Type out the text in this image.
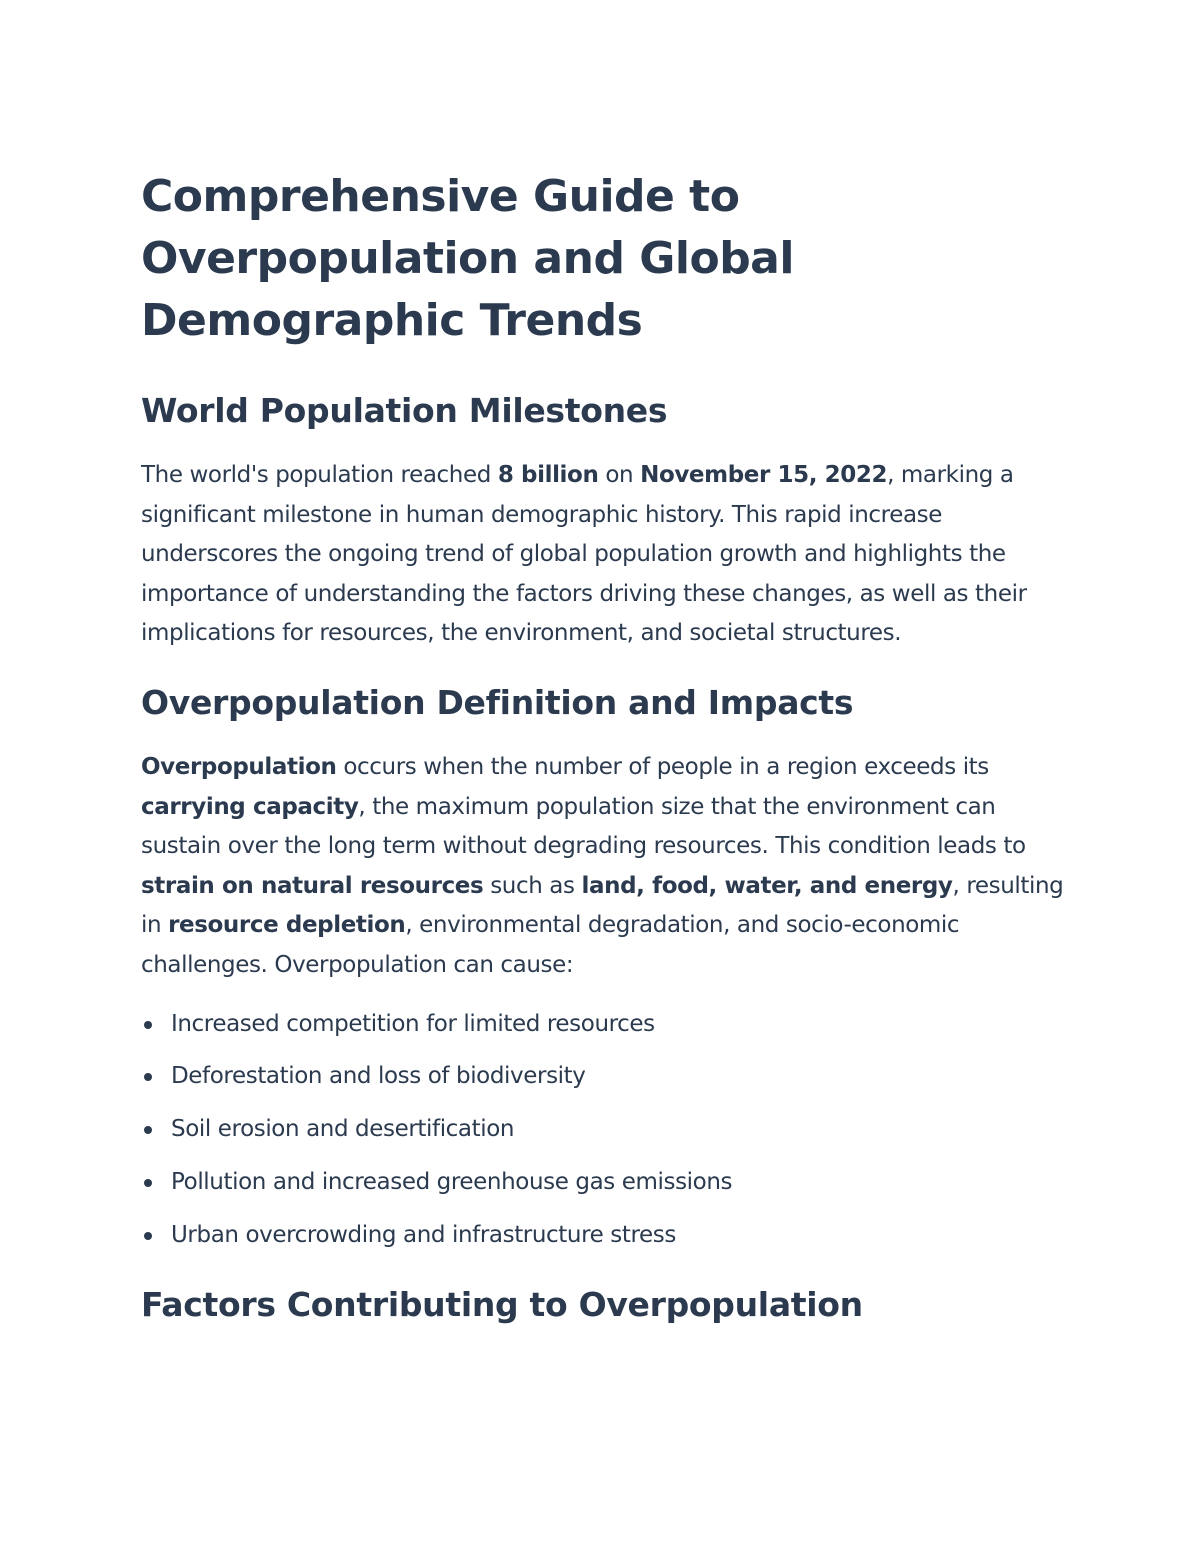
Comprehensive Guide to Overpopulation and Global Demographic Trends
World Population Milestones

The world's population reached 8 billion on November 15, 2022, marking a significant milestone in human demographic history. This rapid increase underscores the ongoing trend of global population growth and highlights the importance of understanding the factors driving these changes, as well as their implications for resources, the environment, and societal structures.

Overpopulation Definition and Impacts

Overpopulation occurs when the number of people in a region exceeds its carrying capacity, the maximum population size that the environment can sustain over the long term without degrading resources. This condition leads to strain on natural resources such as land, food, water, and energy, resulting in resource depletion, environmental degradation, and socio-economic challenges. Overpopulation can cause:

Increased competition for limited resources
Deforestation and loss of biodiversity
Soil erosion and desertification
Pollution and increased greenhouse gas emissions
Urban overcrowding and infrastructure stress
Factors Contributing to Overpopulation
